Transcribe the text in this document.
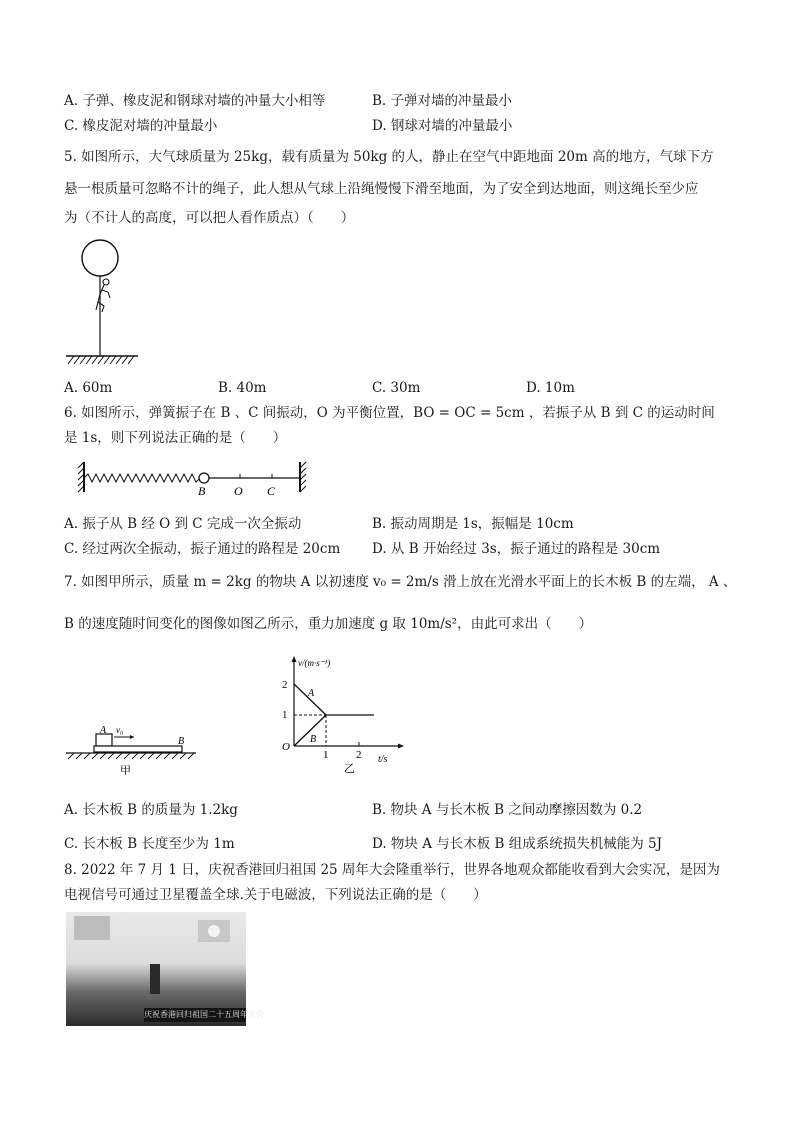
A. 子弹、橡皮泥和钢球对墙的冲量大小相等	B. 子弹对墙的冲量最小
C. 橡皮泥对墙的冲量最小	D. 钢球对墙的冲量最小
5. 如图所示，大气球质量为 25kg，载有质量为 50kg 的人，静止在空气中距地面 20m 高的地方，气球下方
悬一根质量可忽略不计的绳子，此人想从气球上沿绳慢慢下滑至地面，为了安全到达地面，则这绳长至少应
为（不计人的高度，可以把人看作质点）（　　）
A. 60m	B. 40m	C. 30m	D. 10m
6. 如图所示，弹簧振子在 B 、C 间振动，O 为平衡位置，BO = OC = 5cm ，若振子从 B 到 C 的运动时间
是 1s，则下列说法正确的是（　　）
B O C
A. 振子从 B 经 O 到 C 完成一次全振动	B. 振动周期是 1s，振幅是 10cm
C. 经过两次全振动，振子通过的路程是 20cm D. 从 B 开始经过 3s，振子通过的路程是 30cm
7. 如图甲所示，质量 m = 2kg 的物块 A 以初速度 v₀ = 2m/s 滑上放在光滑水平面上的长木板 B 的左端， A 、
B 的速度随时间变化的图像如图乙所示，重力加速度 g 取 10m/s²，由此可求出（　　）
A v₀
B
甲
v/(m·s⁻¹)
t/s
O
2
1
1	2
A
B
乙
A. 长木板 B 的质量为 1.2kg	B. 物块 A 与长木板 B 之间动摩擦因数为 0.2
C. 长木板 B 长度至少为 1m	D. 物块 A 与长木板 B 组成系统损失机械能为 5J
8. 2022 年 7 月 1 日，庆祝香港回归祖国 25 周年大会隆重举行，世界各地观众都能收看到大会实况，是因为
电视信号可通过卫星覆盖全球.关于电磁波，下列说法正确的是（　　）
庆祝香港回归祖国二十五周年大会
